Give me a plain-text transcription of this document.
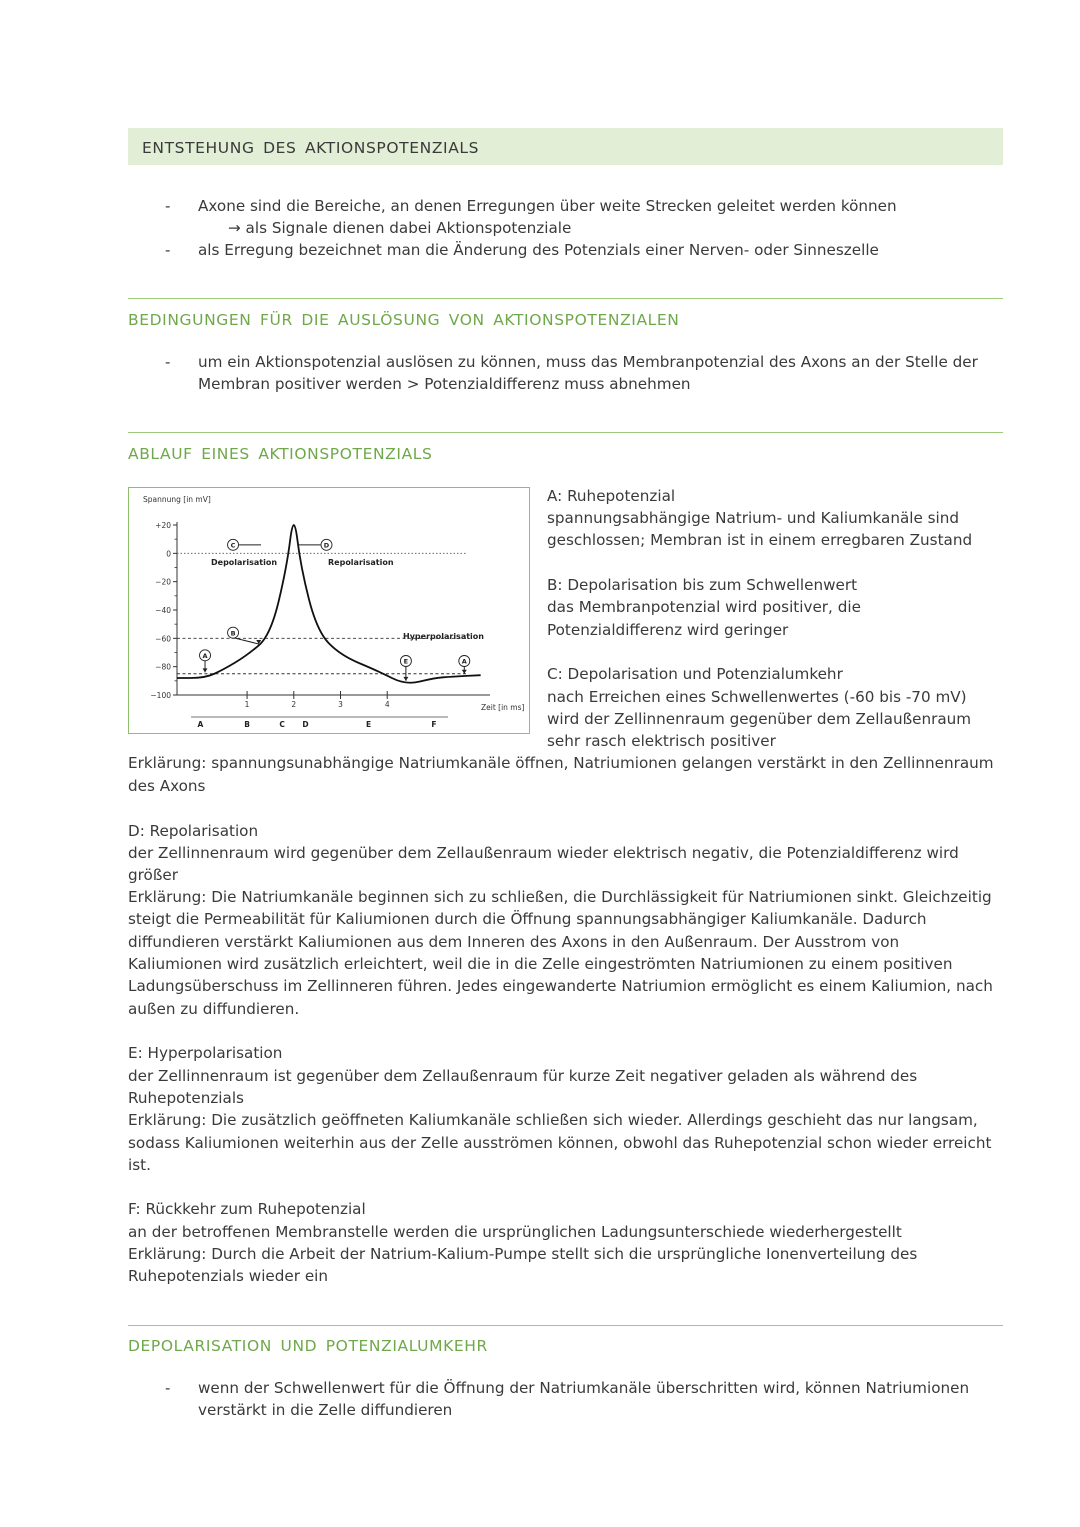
ENTSTEHUNG DES AKTIONSPOTENZIALS
- Axone sind die Bereiche, an denen Erregungen über weite Strecken geleitet werden können
→ als Signale dienen dabei Aktionspotenziale
- als Erregung bezeichnet man die Änderung des Potenzials einer Nerven- oder Sinneszelle
BEDINGUNGEN FÜR DIE AUSLÖSUNG VON AKTIONSPOTENZIALEN
- um ein Aktionspotenzial auslösen zu können, muss das Membranpotenzial des Axons an der Stelle der
Membran positiver werden > Potenzialdifferenz muss abnehmen
ABLAUF EINES AKTIONSPOTENZIALS
Spannung [in mV]
Zeit [in ms]
Depolarisation	Repolarisation
Hyperpolarisation
+20
0
−20
−40
−60
−80
−100
1	2	3	4
A	B	C D	E	F
A
B
C	D
E	A
A: Ruhepotenzial
spannungsabhängige Natrium- und Kaliumkanäle sind
geschlossen; Membran ist in einem erregbaren Zustand
B: Depolarisation bis zum Schwellenwert
das Membranpotenzial wird positiver, die
Potenzialdifferenz wird geringer
C: Depolarisation und Potenzialumkehr
nach Erreichen eines Schwellenwertes (-60 bis -70 mV)
wird der Zellinnenraum gegenüber dem Zellaußenraum
sehr rasch elektrisch positiver
Erklärung: spannungsunabhängige Natriumkanäle öffnen, Natriumionen gelangen verstärkt in den Zellinnenraum
des Axons
D: Repolarisation
der Zellinnenraum wird gegenüber dem Zellaußenraum wieder elektrisch negativ, die Potenzialdifferenz wird
größer
Erklärung: Die Natriumkanäle beginnen sich zu schließen, die Durchlässigkeit für Natriumionen sinkt. Gleichzeitig
steigt die Permeabilität für Kaliumionen durch die Öffnung spannungsabhängiger Kaliumkanäle. Dadurch
diffundieren verstärkt Kaliumionen aus dem Inneren des Axons in den Außenraum. Der Ausstrom von
Kaliumionen wird zusätzlich erleichtert, weil die in die Zelle eingeströmten Natriumionen zu einem positiven
Ladungsüberschuss im Zellinneren führen. Jedes eingewanderte Natriumion ermöglicht es einem Kaliumion, nach
außen zu diffundieren.
E: Hyperpolarisation
der Zellinnenraum ist gegenüber dem Zellaußenraum für kurze Zeit negativer geladen als während des
Ruhepotenzials
Erklärung: Die zusätzlich geöffneten Kaliumkanäle schließen sich wieder. Allerdings geschieht das nur langsam,
sodass Kaliumionen weiterhin aus der Zelle ausströmen können, obwohl das Ruhepotenzial schon wieder erreicht
ist.
F: Rückkehr zum Ruhepotenzial
an der betroffenen Membranstelle werden die ursprünglichen Ladungsunterschiede wiederhergestellt
Erklärung: Durch die Arbeit der Natrium-Kalium-Pumpe stellt sich die ursprüngliche Ionenverteilung des
Ruhepotenzials wieder ein
DEPOLARISATION UND POTENZIALUMKEHR
- wenn der Schwellenwert für die Öffnung der Natriumkanäle überschritten wird, können Natriumionen
verstärkt in die Zelle diffundieren
